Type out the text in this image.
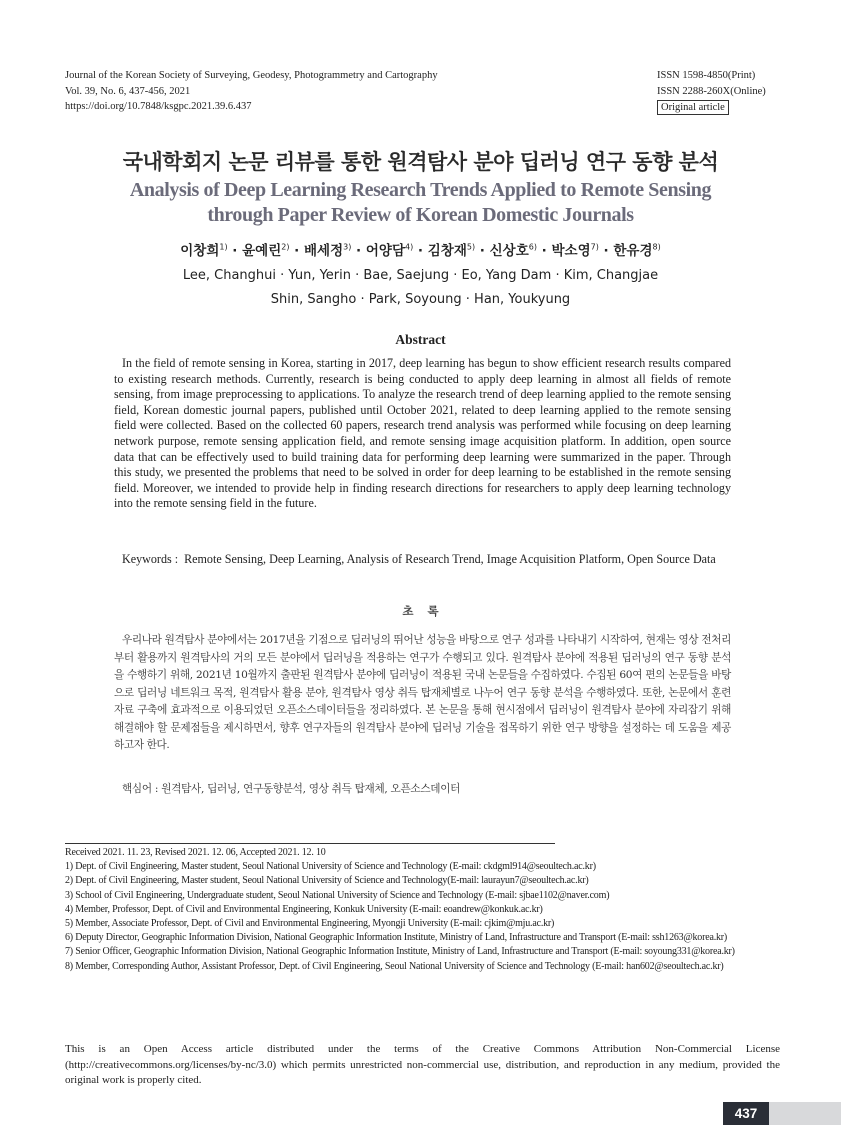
Journal of the Korean Society of Surveying, Geodesy, Photogrammetry and Cartography
Vol. 39, No. 6, 437-456, 2021
https://doi.org/10.7848/ksgpc.2021.39.6.437
ISSN 1598-4850(Print)
ISSN 2288-260X(Online)
Original article
국내학회지 논문 리뷰를 통한 원격탐사 분야 딥러닝 연구 동향 분석
Analysis of Deep Learning Research Trends Applied to Remote Sensing
through Paper Review of Korean Domestic Journals
이창희$^{1)}$ · 윤예린$^{2)}$ · 배세정$^{3)}$ · 어양담$^{4)}$ · 김창재$^{5)}$ · 신상호$^{6)}$ · 박소영$^{7)}$ · 한유경$^{8)}$
Lee, Changhui · Yun, Yerin · Bae, Saejung · Eo, Yang Dam · Kim, Changjae
Shin, Sangho · Park, Soyoung · Han, Youkyung
Abstract
In the field of remote sensing in Korea, starting in 2017, deep learning has begun to show efficient research results compared to existing research methods. Currently, research is being conducted to apply deep learning in almost all fields of remote sensing, from image preprocessing to applications. To analyze the research trend of deep learning applied to the remote sensing field, Korean domestic journal papers, published until October 2021, related to deep learning applied to the remote sensing field were collected. Based on the collected 60 papers, research trend analysis was performed while focusing on deep learning network purpose, remote sensing application field, and remote sensing image acquisition platform. In addition, open source data that can be effectively used to build training data for performing deep learning were summarized in the paper. Through this study, we presented the problems that need to be solved in order for deep learning to be established in the remote sensing field. Moreover, we intended to provide help in finding research directions for researchers to apply deep learning technology into the remote sensing field in the future.
Keywords : Remote Sensing, Deep Learning, Analysis of Research Trend, Image Acquisition Platform, Open Source Data
초록
우리나라 원격탐사 분야에서는 2017년을 기점으로 딥러닝의 뛰어난 성능을 바탕으로 연구 성과를 나타내기 시작하여, 현재는 영상 전처리부터 활용까지 원격탐사의 거의 모든 분야에서 딥러닝을 적용하는 연구가 수행되고 있다. 원격탐사 분야에 적용된 딥러닝의 연구 동향 분석을 수행하기 위해, 2021년 10월까지 출판된 원격탐사 분야에 딥러닝이 적용된 국내 논문들을 수집하였다. 수집된 60여 편의 논문들을 바탕으로 딥러닝 네트워크 목적, 원격탐사 활용 분야, 원격탐사 영상 취득 탑재체별로 나누어 연구 동향 분석을 수행하였다. 또한, 논문에서 훈련자료 구축에 효과적으로 이용되었던 오픈소스데이터들을 정리하였다. 본 논문을 통해 현시점에서 딥러닝이 원격탐사 분야에 자리잡기 위해 해결해야 할 문제점들을 제시하면서, 향후 연구자들의 원격탐사 분야에 딥러닝 기술을 접목하기 위한 연구 방향을 설정하는 데 도움을 제공하고자 한다.
핵심어 : 원격탐사, 딥러닝, 연구동향분석, 영상 취득 탑재체, 오픈소스데이터
Received 2021. 11. 23, Revised 2021. 12. 06, Accepted 2021. 12. 10
1) Dept. of Civil Engineering, Master student, Seoul National University of Science and Technology (E-mail: ckdgml914@seoultech.ac.kr)
2) Dept. of Civil Engineering, Master student, Seoul National University of Science and Technology(E-mail: laurayun7@seoultech.ac.kr)
3) School of Civil Engineering, Undergraduate student, Seoul National University of Science and Technology (E-mail: sjbae1102@naver.com)
4) Member, Professor, Dept. of Civil and Environmental Engineering, Konkuk University (E-mail: eoandrew@konkuk.ac.kr)
5) Member, Associate Professor, Dept. of Civil and Environmental Engineering, Myongji University (E-mail: cjkim@mju.ac.kr)
6) Deputy Director, Geographic Information Division, National Geographic Information Institute, Ministry of Land, Infrastructure and Transport (E-mail: ssh1263@korea.kr)
7) Senior Officer, Geographic Information Division, National Geographic Information Institute, Ministry of Land, Infrastructure and Transport (E-mail: soyoung331@korea.kr)
8) Member, Corresponding Author, Assistant Professor, Dept. of Civil Engineering, Seoul National University of Science and Technology (E-mail: han602@seoultech.ac.kr)
This is an Open Access article distributed under the terms of the Creative Commons Attribution Non-Commercial License (http://creativecommons.org/licenses/by-nc/3.0) which permits unrestricted non-commercial use, distribution, and reproduction in any medium, provided the original work is properly cited.
437
